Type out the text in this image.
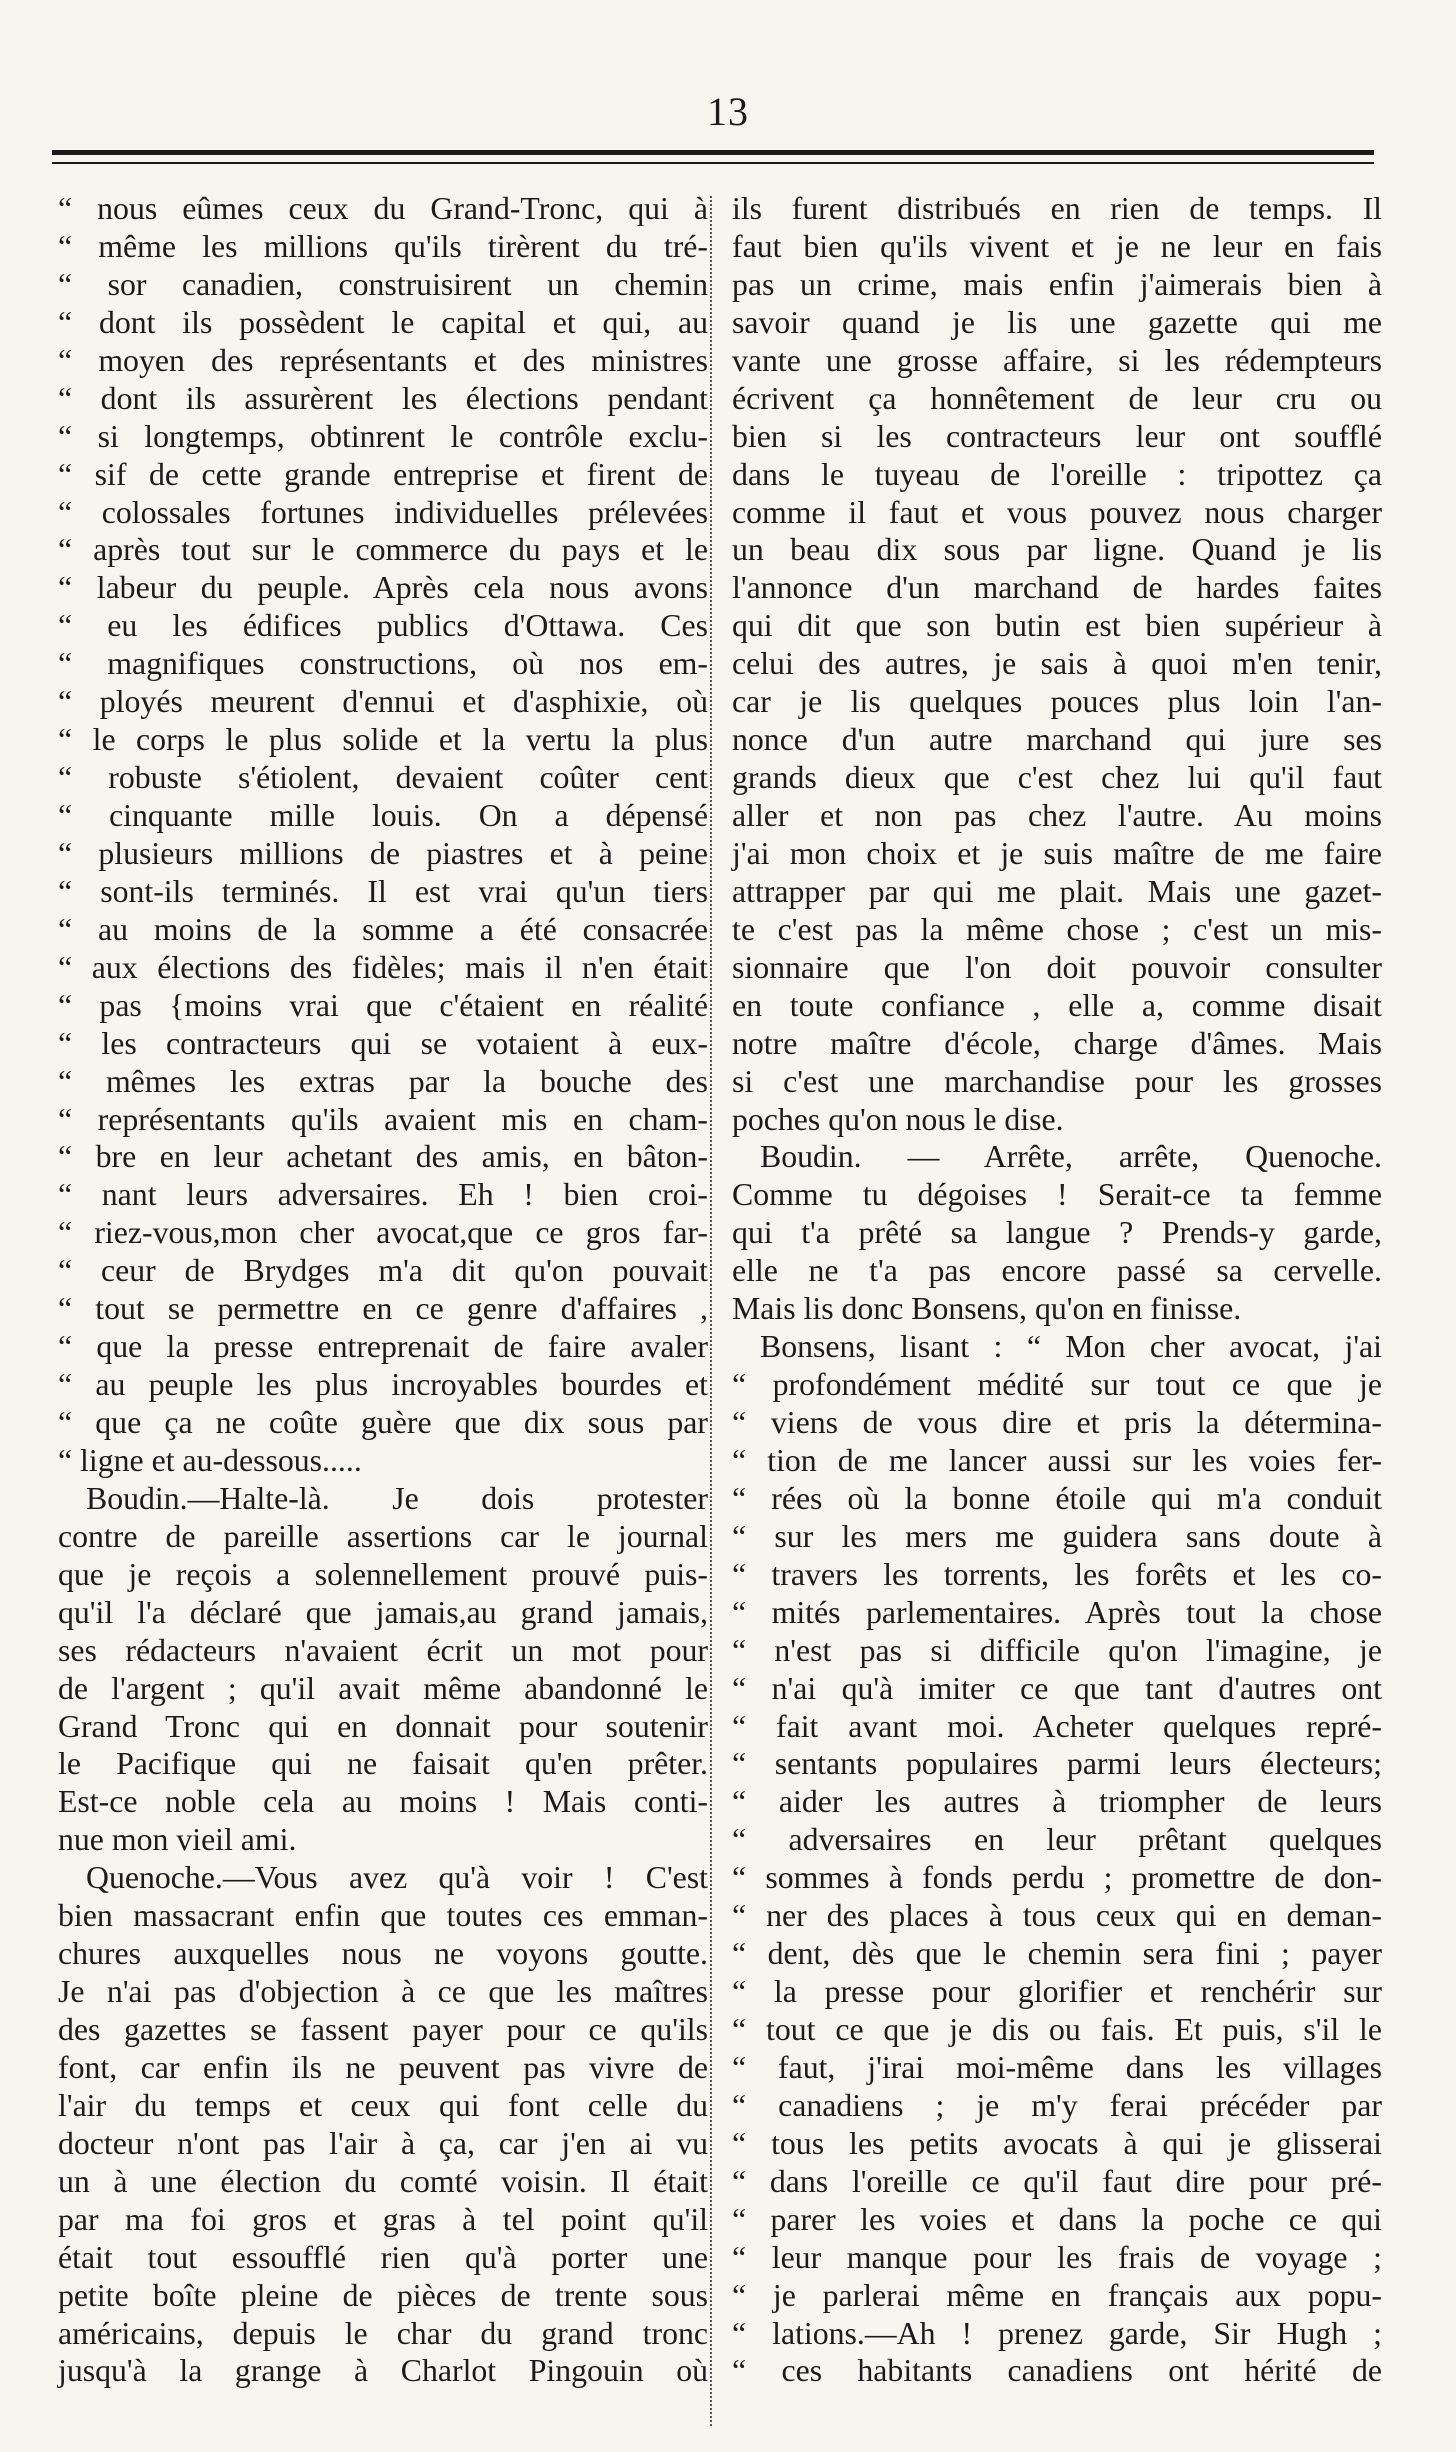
13
“ nous eûmes ceux du Grand-Tronc, qui à
“ même les millions qu'ils tirèrent du tré-
“ sor canadien, construisirent un chemin
“ dont ils possèdent le capital et qui, au
“ moyen des représentants et des ministres
“ dont ils assurèrent les élections pendant
“ si longtemps, obtinrent le contrôle exclu-
“ sif de cette grande entreprise et firent de
“ colossales fortunes individuelles prélevées
“ après tout sur le commerce du pays et le
“ labeur du peuple. Après cela nous avons
“ eu les édifices publics d'Ottawa. Ces
“ magnifiques constructions, où nos em-
“ ployés meurent d'ennui et d'asphixie, où
“ le corps le plus solide et la vertu la plus
“ robuste s'étiolent, devaient coûter cent
“ cinquante mille louis. On a dépensé
“ plusieurs millions de piastres et à peine
“ sont-ils terminés. Il est vrai qu'un tiers
“ au moins de la somme a été consacrée
“ aux élections des fidèles; mais il n'en était
“ pas {moins vrai que c'étaient en réalité
“ les contracteurs qui se votaient à eux-
“ mêmes les extras par la bouche des
“ représentants qu'ils avaient mis en cham-
“ bre en leur achetant des amis, en bâton-
“ nant leurs adversaires. Eh ! bien croi-
“ riez-vous,mon cher avocat,que ce gros far-
“ ceur de Brydges m'a dit qu'on pouvait
“ tout se permettre en ce genre d'affaires ,
“ que la presse entreprenait de faire avaler
“ au peuple les plus incroyables bourdes et
“ que ça ne coûte guère que dix sous par
“ ligne et au-dessous.....
Boudin.—Halte-là. Je dois protester
contre de pareille assertions car le journal
que je reçois a solennellement prouvé puis-
qu'il l'a déclaré que jamais,au grand jamais,
ses rédacteurs n'avaient écrit un mot pour
de l'argent ; qu'il avait même abandonné le
Grand Tronc qui en donnait pour soutenir
le Pacifique qui ne faisait qu'en prêter.
Est-ce noble cela au moins ! Mais conti-
nue mon vieil ami.
Quenoche.—Vous avez qu'à voir ! C'est
bien massacrant enfin que toutes ces emman-
chures auxquelles nous ne voyons goutte.
Je n'ai pas d'objection à ce que les maîtres
des gazettes se fassent payer pour ce qu'ils
font, car enfin ils ne peuvent pas vivre de
l'air du temps et ceux qui font celle du
docteur n'ont pas l'air à ça, car j'en ai vu
un à une élection du comté voisin. Il était
par ma foi gros et gras à tel point qu'il
était tout essoufflé rien qu'à porter une
petite boîte pleine de pièces de trente sous
américains, depuis le char du grand tronc
jusqu'à la grange à Charlot Pingouin où
ils furent distribués en rien de temps. Il
faut bien qu'ils vivent et je ne leur en fais
pas un crime, mais enfin j'aimerais bien à
savoir quand je lis une gazette qui me
vante une grosse affaire, si les rédempteurs
écrivent ça honnêtement de leur cru ou
bien si les contracteurs leur ont soufflé
dans le tuyeau de l'oreille : tripottez ça
comme il faut et vous pouvez nous charger
un beau dix sous par ligne. Quand je lis
l'annonce d'un marchand de hardes faites
qui dit que son butin est bien supérieur à
celui des autres, je sais à quoi m'en tenir,
car je lis quelques pouces plus loin l'an-
nonce d'un autre marchand qui jure ses
grands dieux que c'est chez lui qu'il faut
aller et non pas chez l'autre. Au moins
j'ai mon choix et je suis maître de me faire
attrapper par qui me plait. Mais une gazet-
te c'est pas la même chose ; c'est un mis-
sionnaire que l'on doit pouvoir consulter
en toute confiance , elle a, comme disait
notre maître d'école, charge d'âmes. Mais
si c'est une marchandise pour les grosses
poches qu'on nous le dise.
Boudin. — Arrête, arrête, Quenoche.
Comme tu dégoises ! Serait-ce ta femme
qui t'a prêté sa langue ? Prends-y garde,
elle ne t'a pas encore passé sa cervelle.
Mais lis donc Bonsens, qu'on en finisse.
Bonsens, lisant : “ Mon cher avocat, j'ai
“ profondément médité sur tout ce que je
“ viens de vous dire et pris la détermina-
“ tion de me lancer aussi sur les voies fer-
“ rées où la bonne étoile qui m'a conduit
“ sur les mers me guidera sans doute à
“ travers les torrents, les forêts et les co-
“ mités parlementaires. Après tout la chose
“ n'est pas si difficile qu'on l'imagine, je
“ n'ai qu'à imiter ce que tant d'autres ont
“ fait avant moi. Acheter quelques repré-
“ sentants populaires parmi leurs électeurs;
“ aider les autres à triompher de leurs
“ adversaires en leur prêtant quelques
“ sommes à fonds perdu ; promettre de don-
“ ner des places à tous ceux qui en deman-
“ dent, dès que le chemin sera fini ; payer
“ la presse pour glorifier et renchérir sur
“ tout ce que je dis ou fais. Et puis, s'il le
“ faut, j'irai moi-même dans les villages
“ canadiens ; je m'y ferai précéder par
“ tous les petits avocats à qui je glisserai
“ dans l'oreille ce qu'il faut dire pour pré-
“ parer les voies et dans la poche ce qui
“ leur manque pour les frais de voyage ;
“ je parlerai même en français aux popu-
“ lations.—Ah ! prenez garde, Sir Hugh ;
“ ces habitants canadiens ont hérité de
